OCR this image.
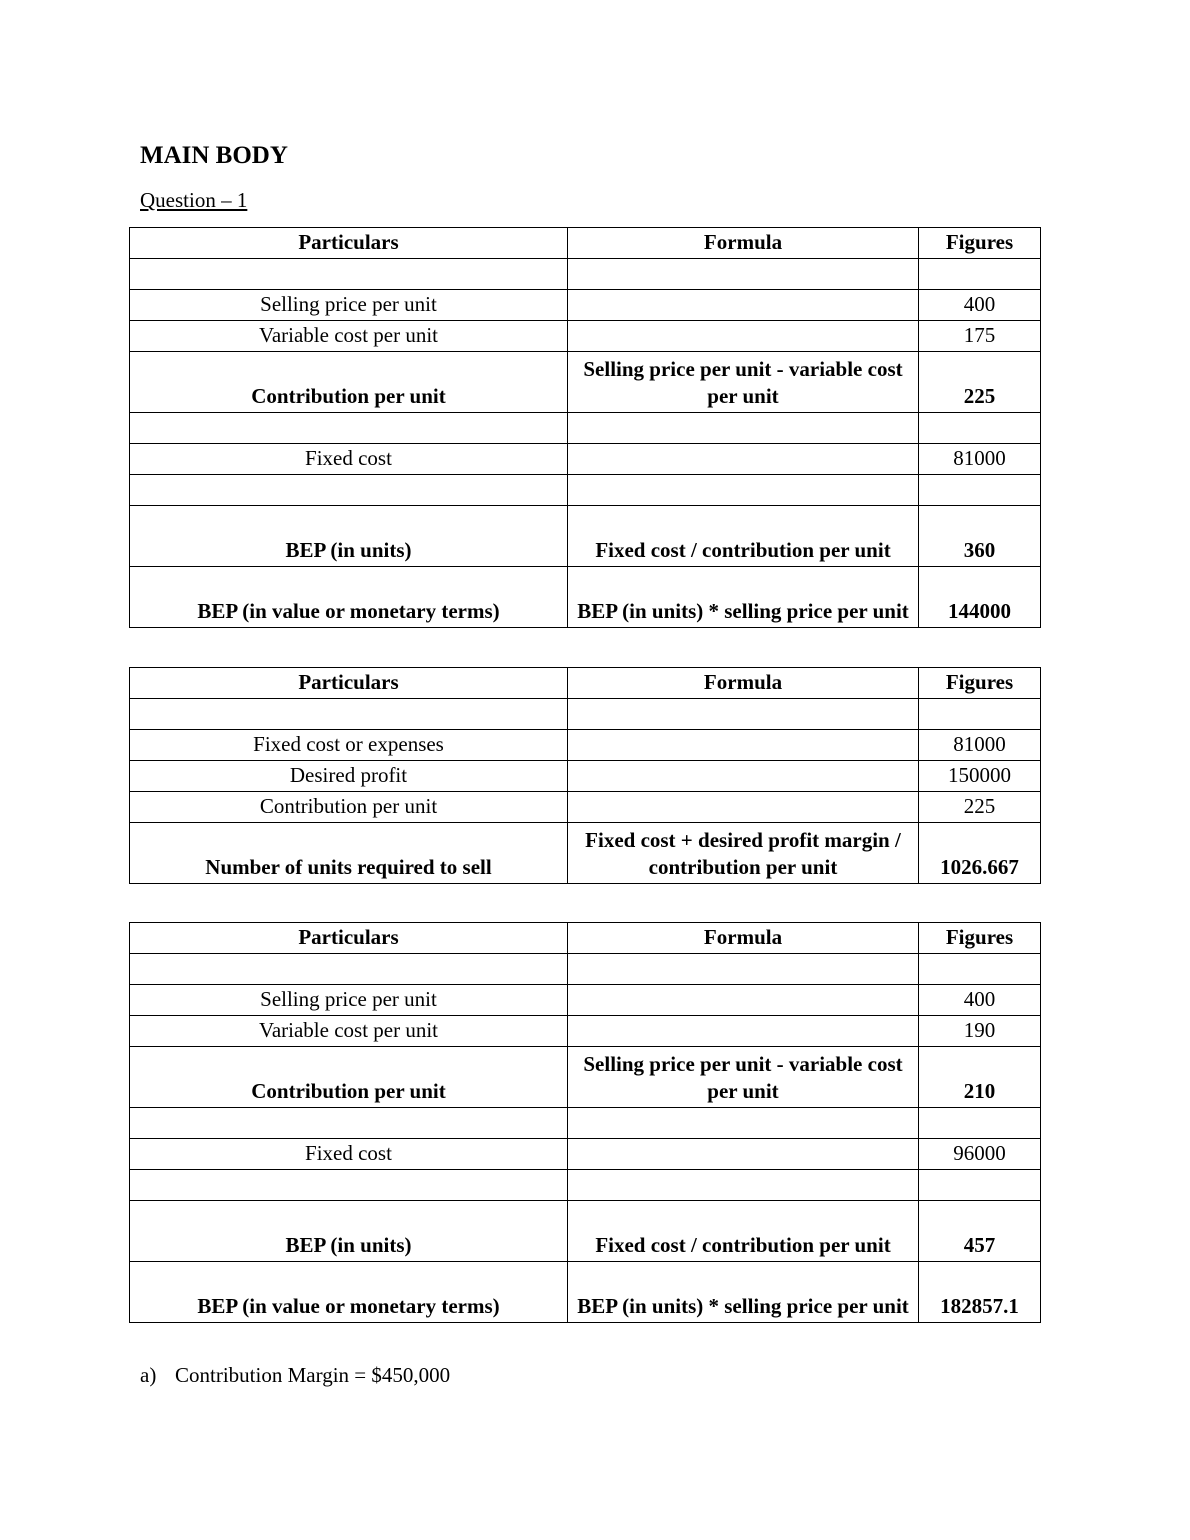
MAIN BODY
Question – 1
Particulars	Formula	Figures

Selling price per unit		400
Variable cost per unit		175
Contribution per unit	Selling price per unit - variable cost per unit	225

Fixed cost		81000

BEP (in units)	Fixed cost / contribution per unit	360
BEP (in value or monetary terms)	BEP (in units) * selling price per unit	144000
Particulars	Formula	Figures

Fixed cost or expenses		81000
Desired profit		150000
Contribution per unit		225
Number of units required to sell	Fixed cost + desired profit margin / contribution per unit	1026.667
Particulars	Formula	Figures

Selling price per unit		400
Variable cost per unit		190
Contribution per unit	Selling price per unit - variable cost per unit	210

Fixed cost		96000

BEP (in units)	Fixed cost / contribution per unit	457
BEP (in value or monetary terms)	BEP (in units) * selling price per unit	182857.1
a) Contribution Margin = $450,000
